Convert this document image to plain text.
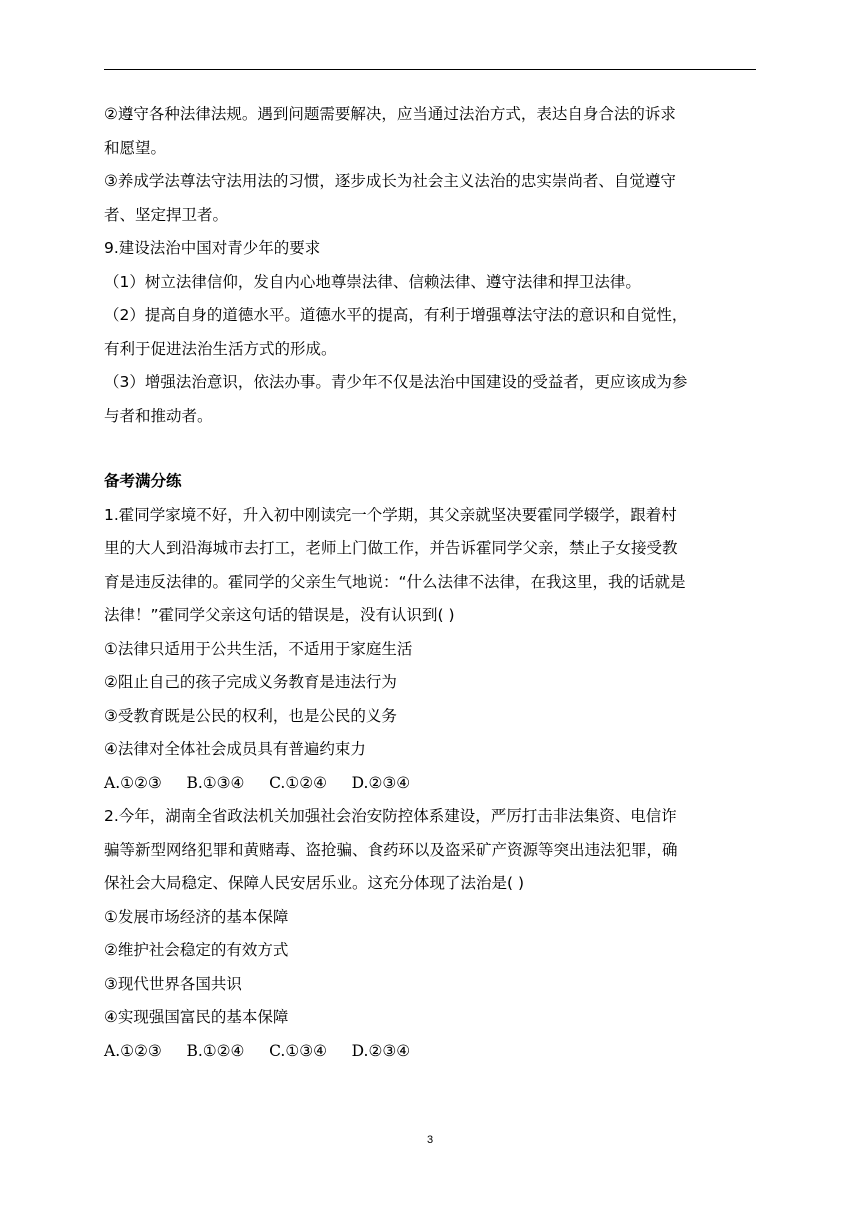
②遵守各种法律法规。遇到问题需要解决，应当通过法治方式，表达自身合法的诉求
和愿望。
③养成学法尊法守法用法的习惯，逐步成长为社会主义法治的忠实崇尚者、自觉遵守
者、坚定捍卫者。
9.建设法治中国对青少年的要求
（1）树立法律信仰，发自内心地尊崇法律、信赖法律、遵守法律和捍卫法律。
（2）提高自身的道德水平。道德水平的提高，有利于增强尊法守法的意识和自觉性，
有利于促进法治生活方式的形成。
（3）增强法治意识，依法办事。青少年不仅是法治中国建设的受益者，更应该成为参
与者和推动者。
备考满分练
1.霍同学家境不好，升入初中刚读完一个学期，其父亲就坚决要霍同学辍学，跟着村
里的大人到沿海城市去打工，老师上门做工作，并告诉霍同学父亲，禁止子女接受教
育是违反法律的。霍同学的父亲生气地说：“什么法律不法律，在我这里，我的话就是
法律！”霍同学父亲这句话的错误是，没有认识到( )
①法律只适用于公共生活，不适用于家庭生活
②阻止自己的孩子完成义务教育是违法行为
③受教育既是公民的权利，也是公民的义务
④法律对全体社会成员具有普遍约束力
A.①②③     B.①③④     C.①②④     D.②③④
2.今年，湖南全省政法机关加强社会治安防控体系建设，严厉打击非法集资、电信诈
骗等新型网络犯罪和黄赌毒、盗抢骗、食药环以及盗采矿产资源等突出违法犯罪，确
保社会大局稳定、保障人民安居乐业。这充分体现了法治是( )
①发展市场经济的基本保障
②维护社会稳定的有效方式
③现代世界各国共识
④实现强国富民的基本保障
A.①②③     B.①②④     C.①③④     D.②③④
3
